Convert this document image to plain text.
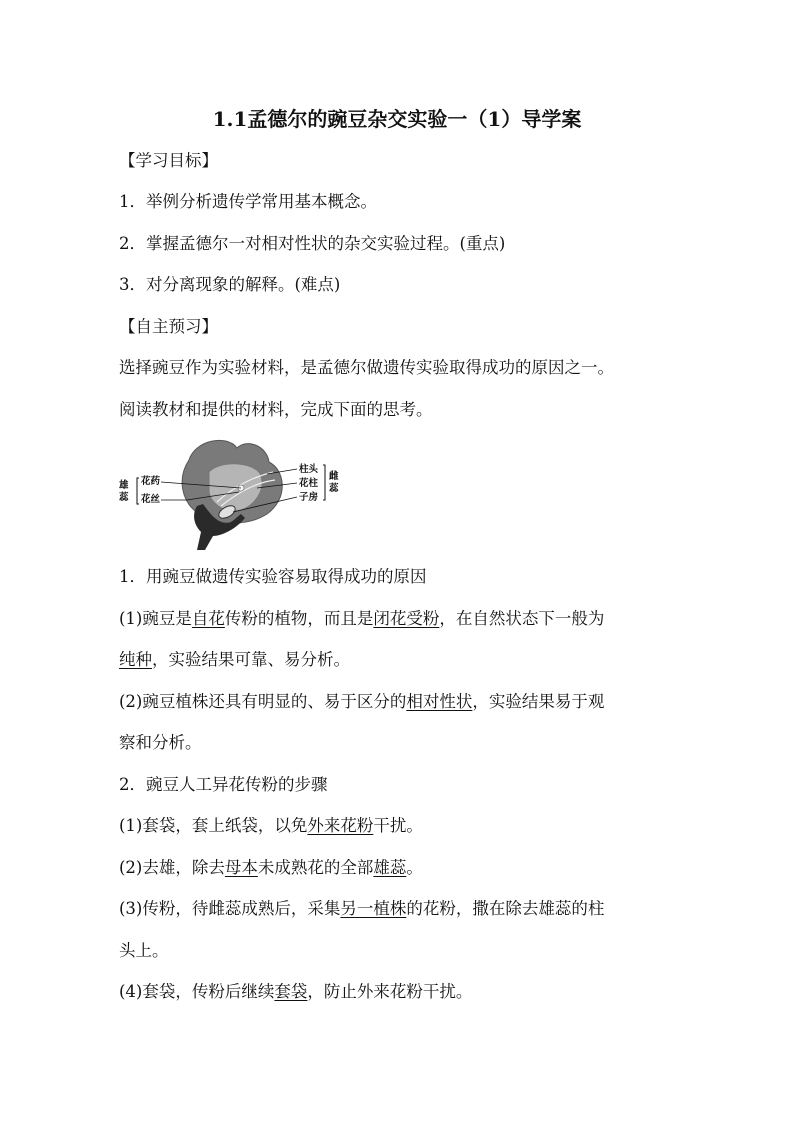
1.1孟德尔的豌豆杂交实验一（1）导学案
【学习目标】
1．举例分析遗传学常用基本概念。
2．掌握孟德尔一对相对性状的杂交实验过程。(重点)
3．对分离现象的解释。(难点)
【自主预习】
选择豌豆作为实验材料，是孟德尔做遗传实验取得成功的原因之一。
阅读教材和提供的材料，完成下面的思考。
雄
蕊
花药
花丝
柱头
花柱
子房
雌
蕊
1．用豌豆做遗传实验容易取得成功的原因
(1)豌豆是自花传粉的植物，而且是闭花受粉，在自然状态下一般为
纯种，实验结果可靠、易分析。
(2)豌豆植株还具有明显的、易于区分的相对性状，实验结果易于观
察和分析。
2．豌豆人工异花传粉的步骤
(1)套袋，套上纸袋，以免外来花粉干扰。
(2)去雄，除去母本未成熟花的全部雄蕊。
(3)传粉，待雌蕊成熟后，采集另一植株的花粉，撒在除去雄蕊的柱
头上。
(4)套袋，传粉后继续套袋，防止外来花粉干扰。
